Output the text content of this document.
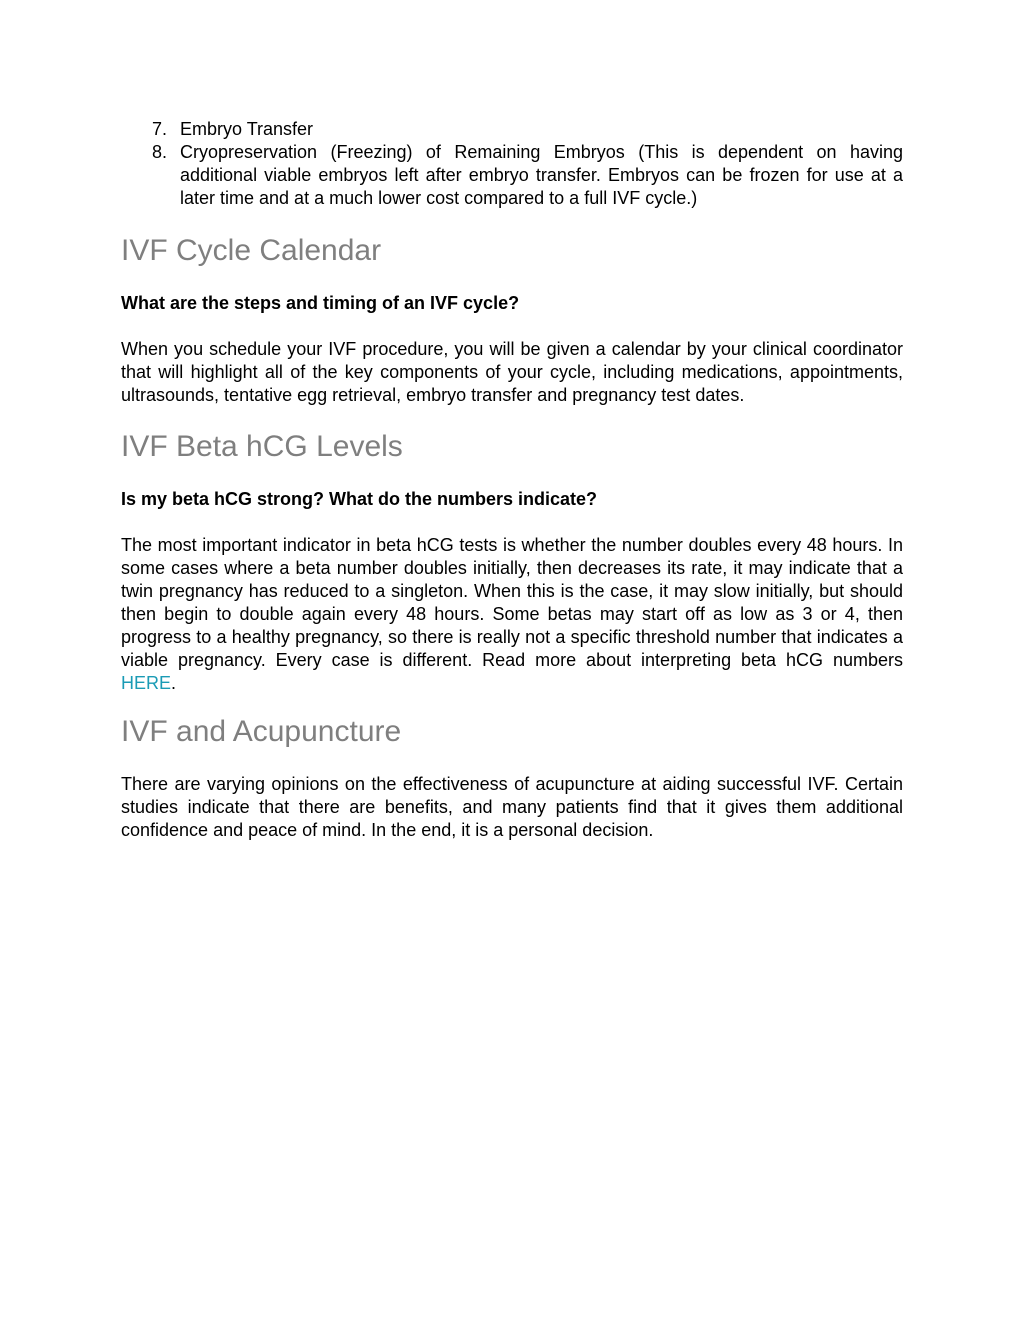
7. Embryo Transfer
8. Cryopreservation (Freezing) of Remaining Embryos (This is dependent on having additional viable embryos left after embryo transfer. Embryos can be frozen for use at a later time and at a much lower cost compared to a full IVF cycle.)
IVF Cycle Calendar

What are the steps and timing of an IVF cycle?

When you schedule your IVF procedure, you will be given a calendar by your clinical coordinator that will highlight all of the key components of your cycle, including medications, appointments, ultrasounds, tentative egg retrieval, embryo transfer and pregnancy test dates.

IVF Beta hCG Levels

Is my beta hCG strong? What do the numbers indicate?

The most important indicator in beta hCG tests is whether the number doubles every 48 hours. In some cases where a beta number doubles initially, then decreases its rate, it may indicate that a twin pregnancy has reduced to a singleton. When this is the case, it may slow initially, but should then begin to double again every 48 hours. Some betas may start off as low as 3 or 4, then progress to a healthy pregnancy, so there is really not a specific threshold number that indicates a viable pregnancy. Every case is different. Read more about interpreting beta hCG numbers HERE.

IVF and Acupuncture

There are varying opinions on the effectiveness of acupuncture at aiding successful IVF. Certain studies indicate that there are benefits, and many patients find that it gives them additional confidence and peace of mind. In the end, it is a personal decision.
